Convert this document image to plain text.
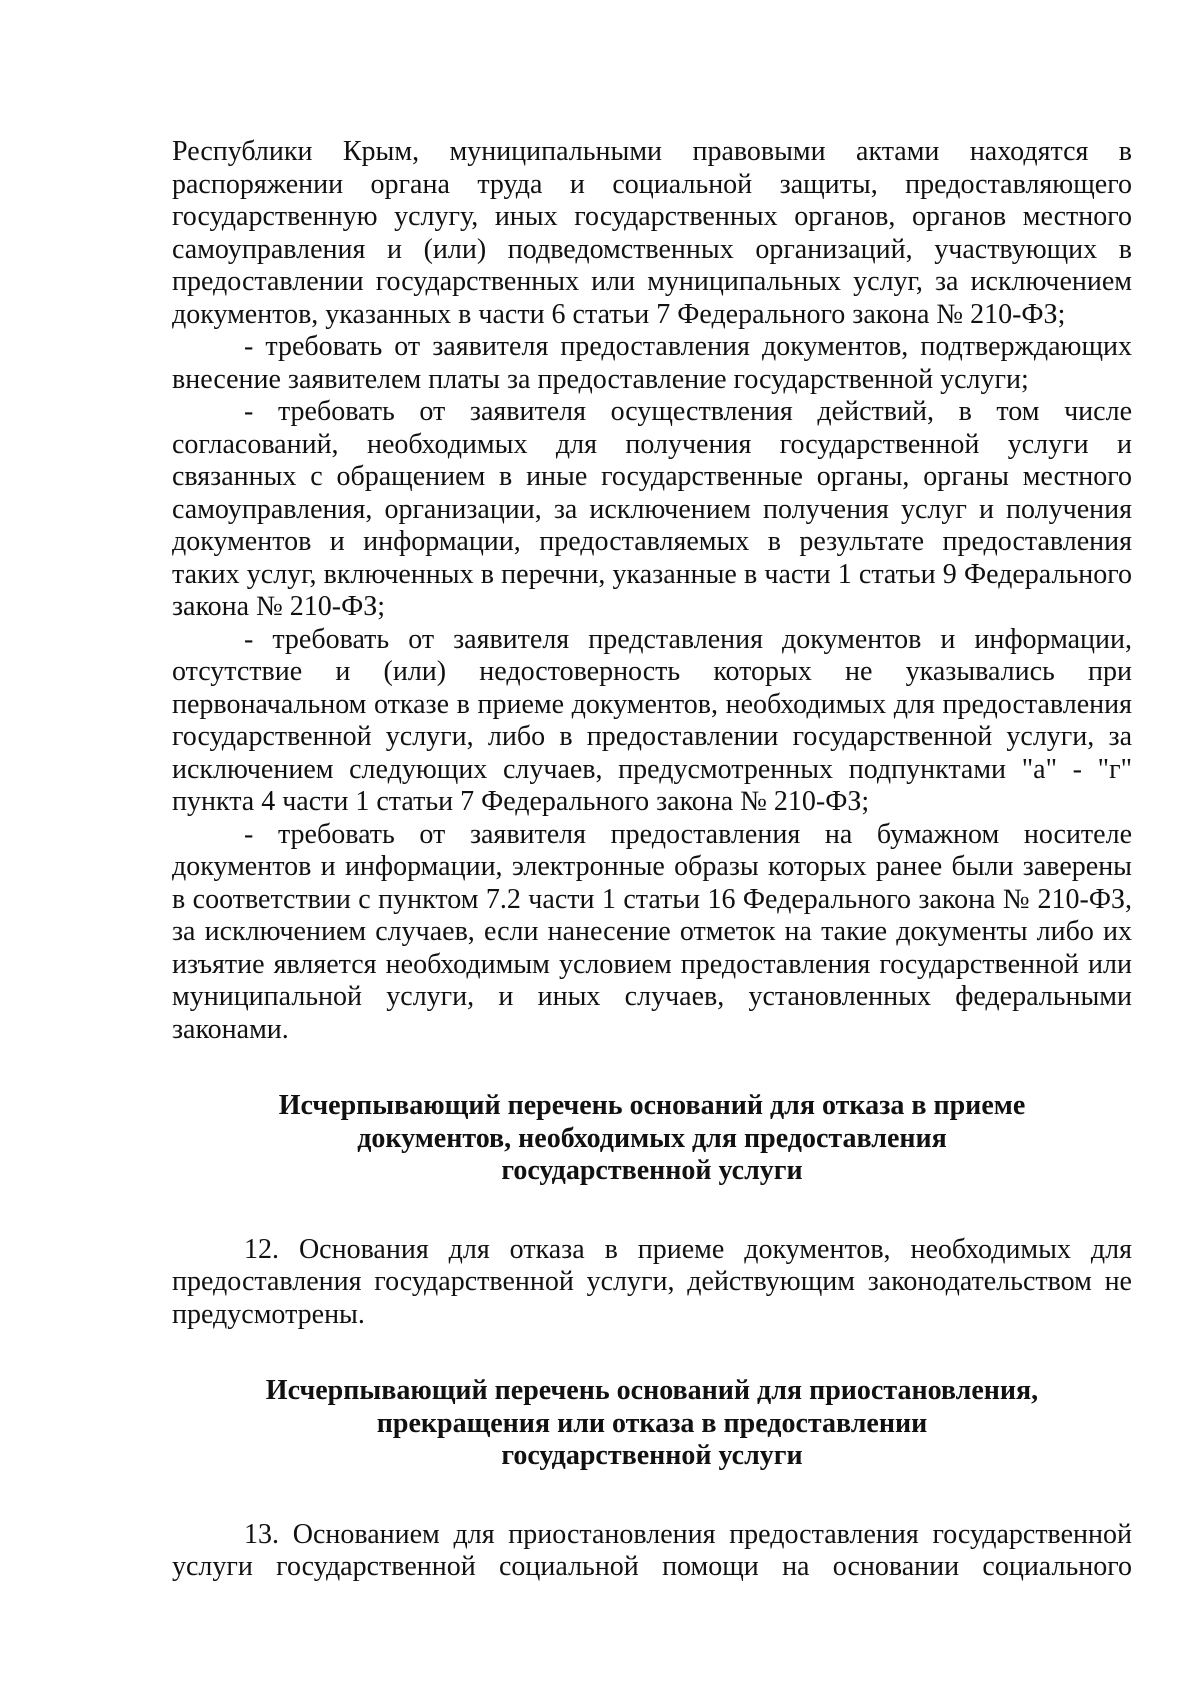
Республики Крым, муниципальными правовыми актами находятся в распоряжении органа труда и социальной защиты, предоставляющего государственную услугу, иных государственных органов, органов местного самоуправления и (или) подведомственных организаций, участвующих в предоставлении государственных или муниципальных услуг, за исключением документов, указанных в части 6 статьи 7 Федерального закона № 210-ФЗ;

- требовать от заявителя предоставления документов, подтверждающих внесение заявителем платы за предоставление государственной услуги;

- требовать от заявителя осуществления действий, в том числе согласований, необходимых для получения государственной услуги и связанных с обращением в иные государственные органы, органы местного самоуправления, организации, за исключением получения услуг и получения документов и информации, предоставляемых в результате предоставления таких услуг, включенных в перечни, указанные в части 1 статьи 9 Федерального закона № 210-ФЗ;

- требовать от заявителя представления документов и информации, отсутствие и (или) недостоверность которых не указывались при первоначальном отказе в приеме документов, необходимых для предоставления государственной услуги, либо в предоставлении государственной услуги, за исключением следующих случаев, предусмотренных подпунктами "а" - "г" пункта 4 части 1 статьи 7 Федерального закона № 210-ФЗ;

- требовать от заявителя предоставления на бумажном носителе документов и информации, электронные образы которых ранее были заверены в соответствии с пунктом 7.2 части 1 статьи 16 Федерального закона № 210-ФЗ, за исключением случаев, если нанесение отметок на такие документы либо их изъятие является необходимым условием предоставления государственной или муниципальной услуги, и иных случаев, установленных федеральными законами.

Исчерпывающий перечень оснований для отказа в приеме
документов, необходимых для предоставления
государственной услуги

12. Основания для отказа в приеме документов, необходимых для предоставления государственной услуги, действующим законодательством не предусмотрены.

Исчерпывающий перечень оснований для приостановления,
прекращения или отказа в предоставлении
государственной услуги

13. Основанием для приостановления предоставления государственной услуги государственной социальной помощи на основании социального
